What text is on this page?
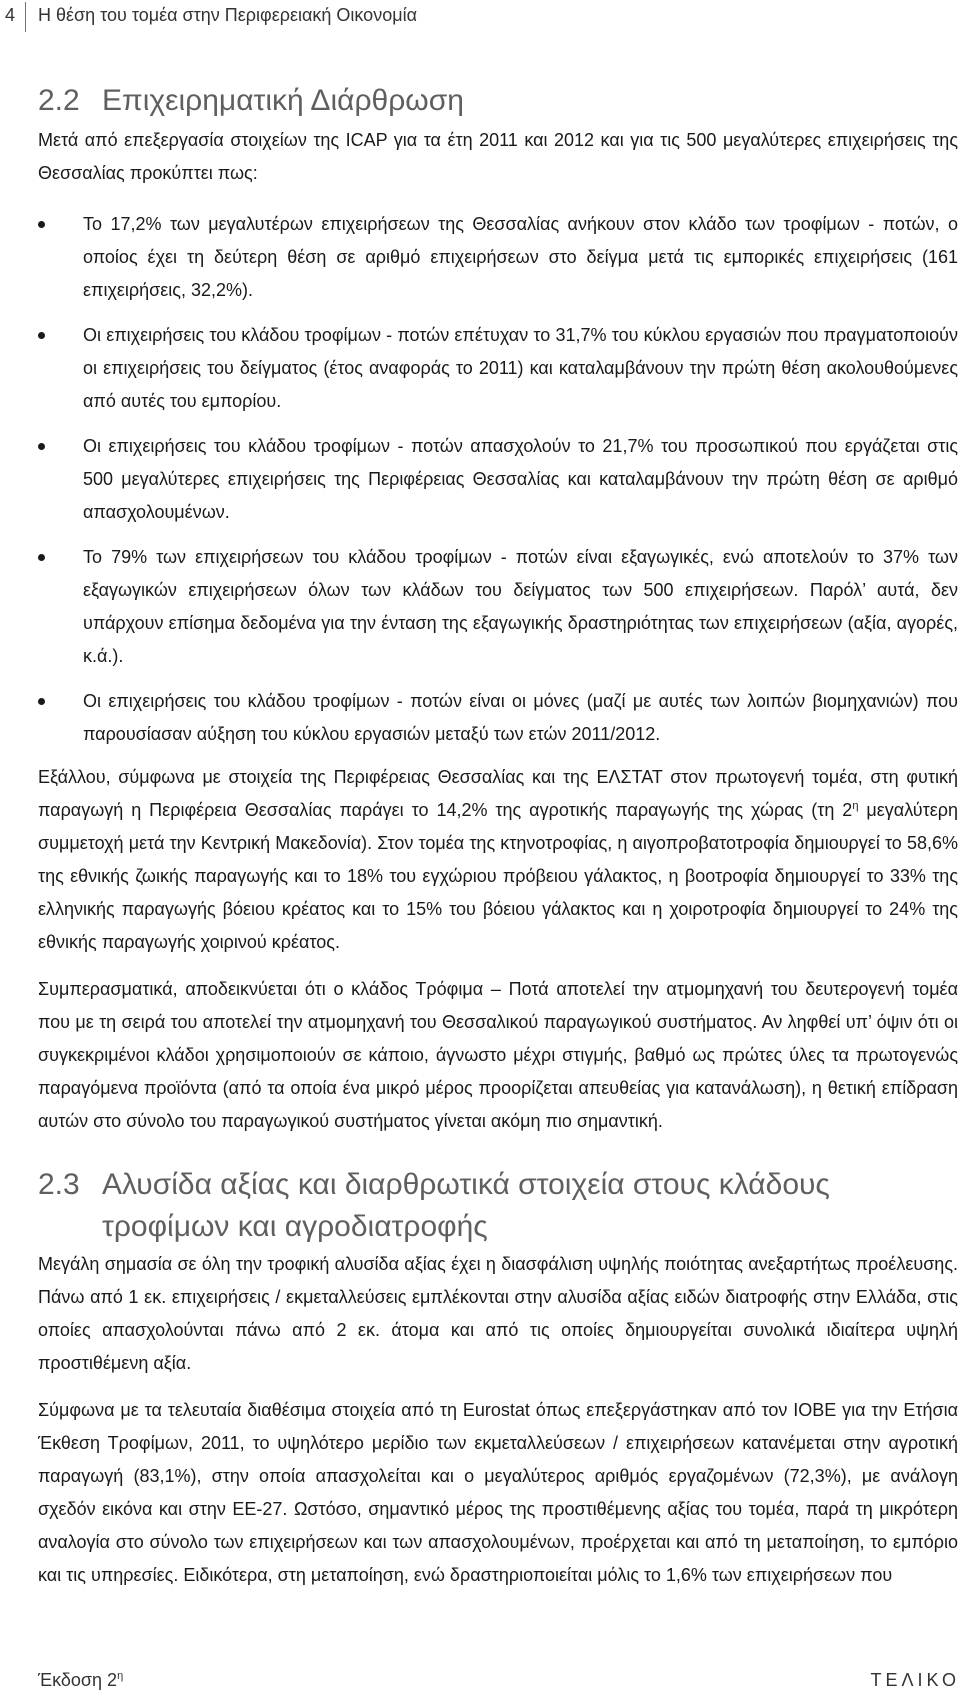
4 Η θέση του τομέα στην Περιφερειακή Οικονομία
2.2 Επιχειρηματική Διάρθρωση

Μετά από επεξεργασία στοιχείων της ICAP για τα έτη 2011 και 2012 και για τις 500 μεγαλύτερες επιχειρήσεις της Θεσσαλίας προκύπτει πως:

Το 17,2% των μεγαλυτέρων επιχειρήσεων της Θεσσαλίας ανήκουν στον κλάδο των τροφίμων - ποτών, ο οποίος έχει τη δεύτερη θέση σε αριθμό επιχειρήσεων στο δείγμα μετά τις εμπορικές επιχειρήσεις (161 επιχειρήσεις, 32,2%).
Οι επιχειρήσεις του κλάδου τροφίμων - ποτών επέτυχαν το 31,7% του κύκλου εργασιών που πραγματοποιούν οι επιχειρήσεις του δείγματος (έτος αναφοράς το 2011) και καταλαμβάνουν την πρώτη θέση ακολουθούμενες από αυτές του εμπορίου.
Οι επιχειρήσεις του κλάδου τροφίμων - ποτών απασχολούν το 21,7% του προσωπικού που εργάζεται στις 500 μεγαλύτερες επιχειρήσεις της Περιφέρειας Θεσσαλίας και καταλαμβάνουν την πρώτη θέση σε αριθμό απασχολουμένων.
Το 79% των επιχειρήσεων του κλάδου τροφίμων - ποτών είναι εξαγωγικές, ενώ αποτελούν το 37% των εξαγωγικών επιχειρήσεων όλων των κλάδων του δείγματος των 500 επιχειρήσεων. Παρόλ’ αυτά, δεν υπάρχουν επίσημα δεδομένα για την ένταση της εξαγωγικής δραστηριότητας των επιχειρήσεων (αξία, αγορές, κ.ά.).
Οι επιχειρήσεις του κλάδου τροφίμων - ποτών είναι οι μόνες (μαζί με αυτές των λοιπών βιομηχανιών) που παρουσίασαν αύξηση του κύκλου εργασιών μεταξύ των ετών 2011/2012.

Εξάλλου, σύμφωνα με στοιχεία της Περιφέρειας Θεσσαλίας και της ΕΛΣΤΑΤ στον πρωτογενή τομέα, στη φυτική παραγωγή η Περιφέρεια Θεσσαλίας παράγει το 14,2% της αγροτικής παραγωγής της χώρας (τη $2^\eta$ μεγαλύτερη συμμετοχή μετά την Κεντρική Μακεδονία). Στον τομέα της κτηνοτροφίας, η αιγοπροβατοτροφία δημιουργεί το 58,6% της εθνικής ζωικής παραγωγής και το 18% του εγχώριου πρόβειου γάλακτος, η βοοτροφία δημιουργεί το 33% της ελληνικής παραγωγής βόειου κρέατος και το 15% του βόειου γάλακτος και η χοιροτροφία δημιουργεί το 24% της εθνικής παραγωγής χοιρινού κρέατος.

Συμπερασματικά, αποδεικνύεται ότι ο κλάδος Τρόφιμα – Ποτά αποτελεί την ατμομηχανή του δευτερογενή τομέα που με τη σειρά του αποτελεί την ατμομηχανή του Θεσσαλικού παραγωγικού συστήματος. Αν ληφθεί υπ’ όψιν ότι οι συγκεκριμένοι κλάδοι χρησιμοποιούν σε κάποιο, άγνωστο μέχρι στιγμής, βαθμό ως πρώτες ύλες τα πρωτογενώς παραγόμενα προϊόντα (από τα οποία ένα μικρό μέρος προορίζεται απευθείας για κατανάλωση), η θετική επίδραση αυτών στο σύνολο του παραγωγικού συστήματος γίνεται ακόμη πιο σημαντική.

2.3 Αλυσίδα αξίας και διαρθρωτικά στοιχεία στους κλάδους τροφίμων και αγροδιατροφής

Μεγάλη σημασία σε όλη την τροφική αλυσίδα αξίας έχει η διασφάλιση υψηλής ποιότητας ανεξαρτήτως προέλευσης. Πάνω από 1 εκ. επιχειρήσεις / εκμεταλλεύσεις εμπλέκονται στην αλυσίδα αξίας ειδών διατροφής στην Ελλάδα, στις οποίες απασχολούνται πάνω από 2 εκ. άτομα και από τις οποίες δημιουργείται συνολικά ιδιαίτερα υψηλή προστιθέμενη αξία.

Σύμφωνα με τα τελευταία διαθέσιμα στοιχεία από τη Eurostat όπως επεξεργάστηκαν από τον ΙΟΒΕ για την Ετήσια Έκθεση Τροφίμων, 2011, το υψηλότερο μερίδιο των εκμεταλλεύσεων / επιχειρήσεων κατανέμεται στην αγροτική παραγωγή (83,1%), στην οποία απασχολείται και ο μεγαλύτερος αριθμός εργαζομένων (72,3%), με ανάλογη σχεδόν εικόνα και στην ΕΕ-27. Ωστόσο, σημαντικό μέρος της προστιθέμενης αξίας του τομέα, παρά τη μικρότερη αναλογία στο σύνολο των επιχειρήσεων και των απασχολουμένων, προέρχεται και από τη μεταποίηση, το εμπόριο και τις υπηρεσίες. Ειδικότερα, στη μεταποίηση, ενώ δραστηριοποιείται μόλις το 1,6% των επιχειρήσεων που

Έκδοση $2^\eta$	ΤΕΛΙΚΟ
